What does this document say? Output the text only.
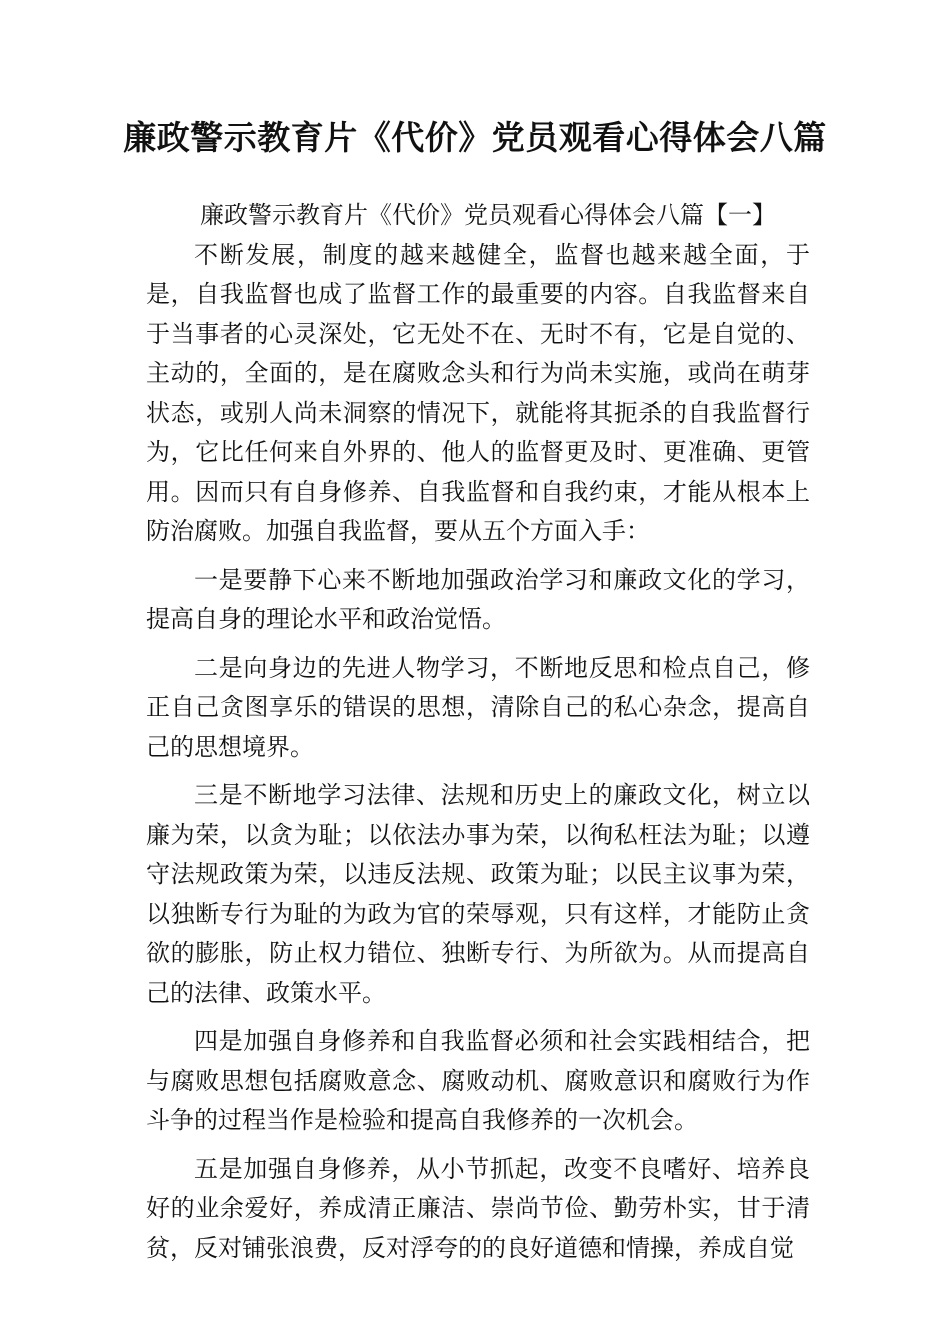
廉政警示教育片《代价》党员观看心得体会八篇

廉政警示教育片《代价》党员观看心得体会八篇【一】

不断发展，制度的越来越健全，监督也越来越全面，于是，自我监督也成了监督工作的最重要的内容。自我监督来自于当事者的心灵深处，它无处不在、无时不有，它是自觉的、主动的，全面的，是在腐败念头和行为尚未实施，或尚在萌芽状态，或别人尚未洞察的情况下，就能将其扼杀的自我监督行为，它比任何来自外界的、他人的监督更及时、更准确、更管用。因而只有自身修养、自我监督和自我约束，才能从根本上防治腐败。加强自我监督，要从五个方面入手：

一是要静下心来不断地加强政治学习和廉政文化的学习，提高自身的理论水平和政治觉悟。

二是向身边的先进人物学习，不断地反思和检点自己，修正自己贪图享乐的错误的思想，清除自己的私心杂念，提高自己的思想境界。

三是不断地学习法律、法规和历史上的廉政文化，树立以廉为荣，以贪为耻；以依法办事为荣，以徇私枉法为耻；以遵守法规政策为荣，以违反法规、政策为耻；以民主议事为荣，以独断专行为耻的为政为官的荣辱观，只有这样，才能防止贪欲的膨胀，防止权力错位、独断专行、为所欲为。从而提高自己的法律、政策水平。

四是加强自身修养和自我监督必须和社会实践相结合，把与腐败思想包括腐败意念、腐败动机、腐败意识和腐败行为作斗争的过程当作是检验和提高自我修养的一次机会。

五是加强自身修养，从小节抓起，改变不良嗜好、培养良好的业余爱好，养成清正廉洁、崇尚节俭、勤劳朴实，甘于清贫，反对铺张浪费，反对浮夸的的良好道德和情操，养成自觉
